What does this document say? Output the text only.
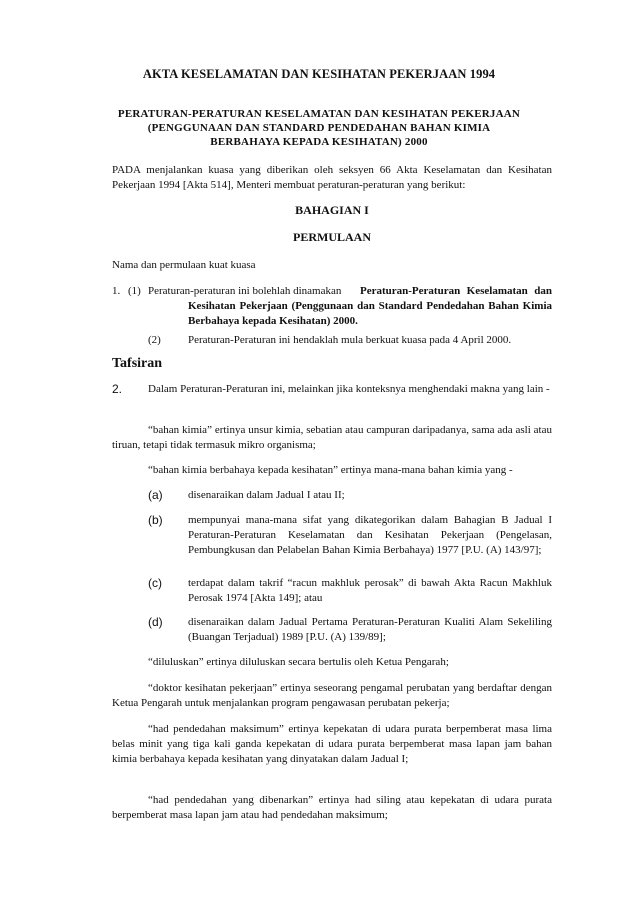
AKTA KESELAMATAN DAN KESIHATAN PEKERJAAN 1994
PERATURAN-PERATURAN KESELAMATAN DAN KESIHATAN PEKERJAAN
(PENGGUNAAN DAN STANDARD PENDEDAHAN BAHAN KIMIA
BERBAHAYA KEPADA KESIHATAN) 2000
PADA menjalankan kuasa yang diberikan oleh seksyen 66 Akta Keselamatan dan Kesihatan Pekerjaan 1994 [Akta 514], Menteri membuat peraturan-peraturan yang berikut:
BAHAGIAN I
PERMULAAN
Nama dan permulaan kuat kuasa
1. (1) Peraturan-peraturan ini bolehlah dinamakan	Peraturan-Peraturan Keselamatan dan Kesihatan Pekerjaan (Penggunaan dan Standard Pendedahan Bahan Kimia Berbahaya kepada Kesihatan) 2000.
(2) Peraturan-Peraturan ini hendaklah mula berkuat kuasa pada 4 April 2000.
Tafsiran
2.	Dalam Peraturan-Peraturan ini, melainkan jika konteksnya menghendaki makna yang lain -
“bahan kimia” ertinya unsur kimia, sebatian atau campuran daripadanya, sama ada asli atau tiruan, tetapi tidak termasuk mikro organisma;
“bahan kimia berbahaya kepada kesihatan” ertinya mana-mana bahan kimia yang -
(a) disenaraikan dalam Jadual I atau II;
(b) mempunyai mana-mana sifat yang dikategorikan dalam Bahagian B Jadual I Peraturan-Peraturan Keselamatan dan Kesihatan Pekerjaan (Pengelasan, Pembungkusan dan Pelabelan Bahan Kimia Berbahaya) 1977 [P.U. (A) 143/97];
(c) terdapat dalam takrif “racun makhluk perosak” di bawah Akta Racun Makhluk Perosak 1974 [Akta 149]; atau
(d) disenaraikan dalam Jadual Pertama Peraturan-Peraturan Kualiti Alam Sekeliling (Buangan Terjadual) 1989 [P.U. (A) 139/89];
“diluluskan” ertinya diluluskan secara bertulis oleh Ketua Pengarah;
“doktor kesihatan pekerjaan” ertinya seseorang pengamal perubatan yang berdaftar dengan Ketua Pengarah untuk menjalankan program pengawasan perubatan pekerja;
“had pendedahan maksimum” ertinya kepekatan di udara purata berpemberat masa lima belas minit yang tiga kali ganda kepekatan di udara purata berpemberat masa lapan jam bahan kimia berbahaya kepada kesihatan yang dinyatakan dalam Jadual I;
“had pendedahan yang dibenarkan” ertinya had siling atau kepekatan di udara purata berpemberat masa lapan jam atau had pendedahan maksimum;
